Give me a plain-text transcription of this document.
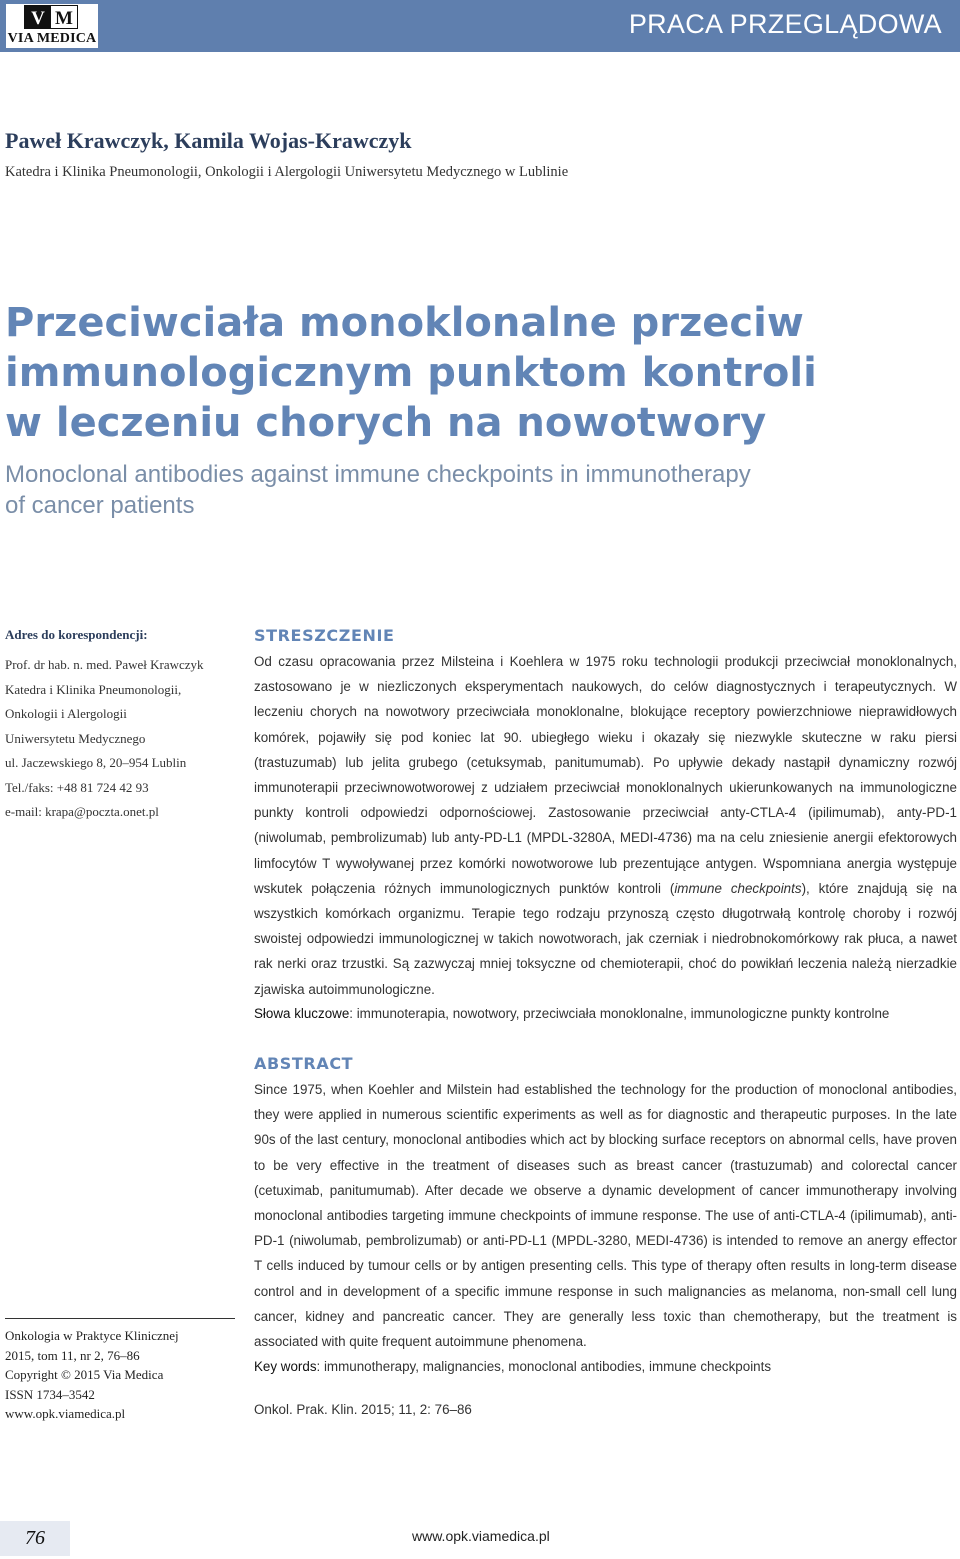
V M
VIA MEDICA	PRACA PRZEGLĄDOWA
Paweł Krawczyk, Kamila Wojas-Krawczyk
Katedra i Klinika Pneumonologii, Onkologii i Alergologii Uniwersytetu Medycznego w Lublinie
Przeciwciała monoklonalne przeciw
immunologicznym punktom kontroli
w leczeniu chorych na nowotwory
Monoclonal antibodies against immune checkpoints in immunotherapy
of cancer patients
Adres do korespondencji:
Prof. dr hab. n. med. Paweł Krawczyk
Katedra i Klinika Pneumonologii,
Onkologii i Alergologii
Uniwersytetu Medycznego
ul. Jaczewskiego 8, 20–954 Lublin
Tel./faks: +48 81 724 42 93
e-mail: krapa@poczta.onet.pl
STRESZCZENIE
Od czasu opracowania przez Milsteina i Koehlera w 1975 roku technologii produkcji przeciwciał monoklonalnych, zastosowano je w niezliczonych eksperymentach naukowych, do celów diagnostycznych i terapeutycznych. W leczeniu chorych na nowotwory przeciwciała monoklonalne, blokujące receptory powierzchniowe nieprawidłowych komórek, pojawiły się pod koniec lat 90. ubiegłego wieku i okazały się niezwykle skuteczne w raku piersi (trastuzumab) lub jelita grubego (cetuksymab, panitumumab). Po upływie dekady nastąpił dynamiczny rozwój immunoterapii przeciwnowotworowej z udziałem przeciwciał monoklonalnych ukierunkowanych na immunologiczne punkty kontroli odpowiedzi odpornościowej. Zastosowanie przeciwciał anty-CTLA-4 (ipilimumab), anty-PD-1 (niwolumab, pembrolizumab) lub anty-PD-L1 (MPDL-3280A, MEDI-4736) ma na celu zniesienie anergii efektorowych limfocytów T wywoływanej przez komórki nowotworowe lub prezentujące antygen. Wspomniana anergia występuje wskutek połączenia różnych immunologicznych punktów kontroli (immune checkpoints), które znajdują się na wszystkich komórkach organizmu. Terapie tego rodzaju przynoszą często długotrwałą kontrolę choroby i rozwój swoistej odpowiedzi immunologicznej w takich nowotworach, jak czerniak i niedrobnokomórkowy rak płuca, a nawet rak nerki oraz trzustki. Są zazwyczaj mniej toksyczne od chemioterapii, choć do powikłań leczenia należą nierzadkie zjawiska autoimmunologiczne.
Słowa kluczowe: immunoterapia, nowotwory, przeciwciała monoklonalne, immunologiczne punkty kontrolne
ABSTRACT
Since 1975, when Koehler and Milstein had established the technology for the production of monoclonal antibodies, they were applied in numerous scientific experiments as well as for diagnostic and therapeutic purposes. In the late 90s of the last century, monoclonal antibodies which act by blocking surface receptors on abnormal cells, have proven to be very effective in the treatment of diseases such as breast cancer (trastuzumab) and colorectal cancer (cetuximab, panitumumab). After decade we observe a dynamic development of cancer immunotherapy involving monoclonal antibodies targeting immune checkpoints of immune response. The use of anti-CTLA-4 (ipilimumab), anti-PD-1 (niwolumab, pembrolizumab) or anti-PD-L1 (MPDL-3280, MEDI-4736) is intended to remove an anergy effector T cells induced by tumour cells or by antigen presenting cells. This type of therapy often results in long-term disease control and in development of a specific immune response in such malignancies as melanoma, non-small cell lung cancer, kidney and pancreatic cancer. They are generally less toxic than chemotherapy, but the treatment is associated with quite frequent autoimmune phenomena.
Key words: immunotherapy, malignancies, monoclonal antibodies, immune checkpoints
Onkol. Prak. Klin. 2015; 11, 2: 76–86
Onkologia w Praktyce Klinicznej
2015, tom 11, nr 2, 76–86
Copyright © 2015 Via Medica
ISSN 1734–3542
www.opk.viamedica.pl
76	www.opk.viamedica.pl
